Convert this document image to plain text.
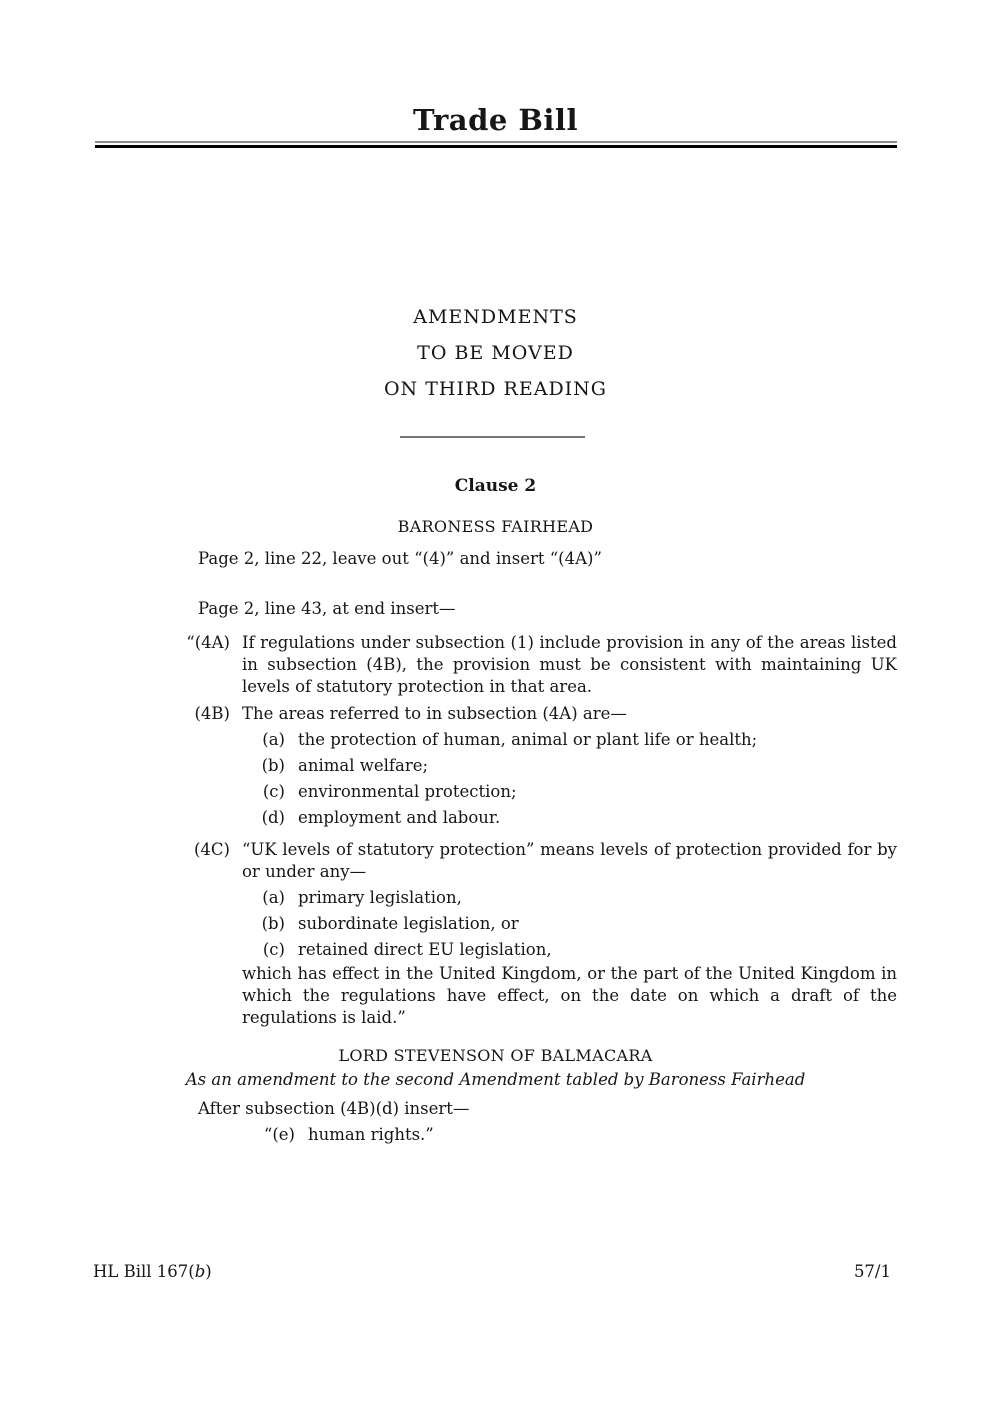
Trade Bill
AMENDMENTS
TO BE MOVED
ON THIRD READING
Clause 2
BARONESS FAIRHEAD
Page 2, line 22, leave out “(4)” and insert “(4A)”
Page 2, line 43, at end insert—
“(4A) If regulations under subsection (1) include provision in any of the areas listed in subsection (4B), the provision must be consistent with maintaining UK levels of statutory protection in that area.
(4B) The areas referred to in subsection (4A) are—
(a) the protection of human, animal or plant life or health;
(b) animal welfare;
(c) environmental protection;
(d) employment and labour.
(4C) “UK levels of statutory protection” means levels of protection provided for by or under any—
(a) primary legislation,
(b) subordinate legislation, or
(c) retained direct EU legislation,
which has effect in the United Kingdom, or the part of the United Kingdom in which the regulations have effect, on the date on which a draft of the regulations is laid.”
LORD STEVENSON OF BALMACARA
As an amendment to the second Amendment tabled by Baroness Fairhead
After subsection (4B)(d) insert—
“(e) human rights.”
HL Bill 167(b)	57/1
